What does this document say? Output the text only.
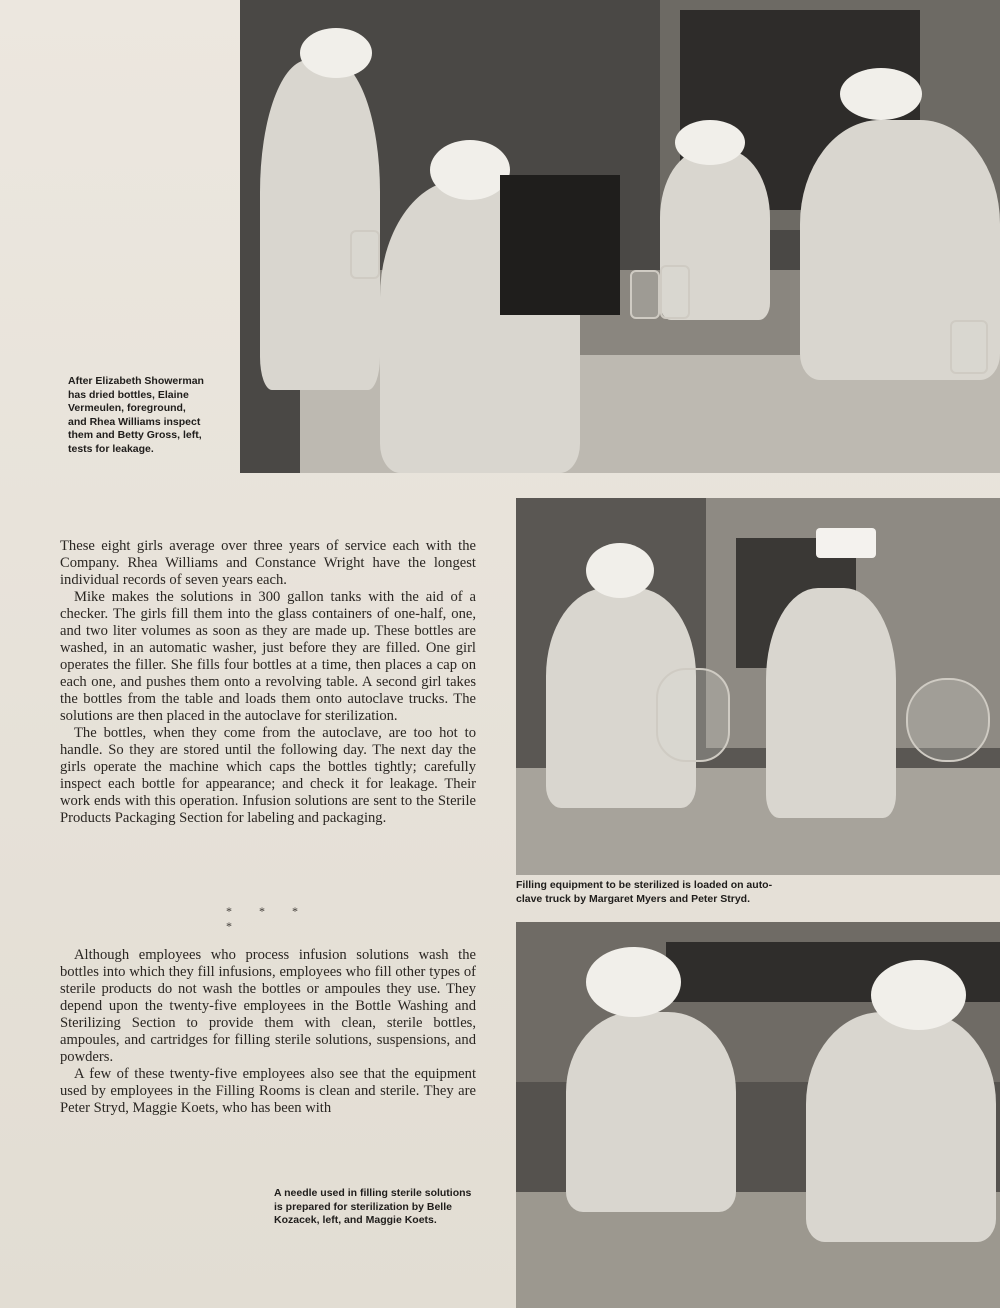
After Elizabeth Showerman

has dried bottles, Elaine

Vermeulen, foreground,

and Rhea Williams inspect

them and Betty Gross, left,

tests for leakage.

Filling equipment to be sterilized is loaded on auto-

clave truck by Margaret Myers and Peter Stryd.

A needle used in filling sterile solutions

is prepared for sterilization by Belle

Kozacek, left, and Maggie Koets.

These eight girls average over three years of service each with the Company. Rhea Williams and Constance Wright have the longest individual records of seven years each.

Mike makes the solutions in 300 gallon tanks with the aid of a checker. The girls fill them into the glass containers of one-half, one, and two liter volumes as soon as they are made up. These bottles are washed, in an automatic washer, just before they are filled. One girl operates the filler. She fills four bottles at a time, then places a cap on each one, and pushes them onto a revolving table. A second girl takes the bottles from the table and loads them onto autoclave trucks. The solutions are then placed in the autoclave for sterilization.

The bottles, when they come from the autoclave, are too hot to handle. So they are stored until the following day. The next day the girls operate the machine which caps the bottles tightly; carefully inspect each bottle for appearance; and check it for leakage. Their work ends with this operation. Infusion solutions are sent to the Sterile Products Packaging Section for labeling and packaging.

* * * *

Although employees who process infusion solutions wash the bottles into which they fill infusions, employees who fill other types of sterile products do not wash the bottles or ampoules they use. They depend upon the twenty-five employees in the Bottle Washing and Sterilizing Section to provide them with clean, sterile bottles, ampoules, and cartridges for filling sterile solutions, suspensions, and powders.

A few of these twenty-five employees also see that the equipment used by employees in the Filling Rooms is clean and sterile. They are Peter Stryd, Maggie Koets, who has been with
